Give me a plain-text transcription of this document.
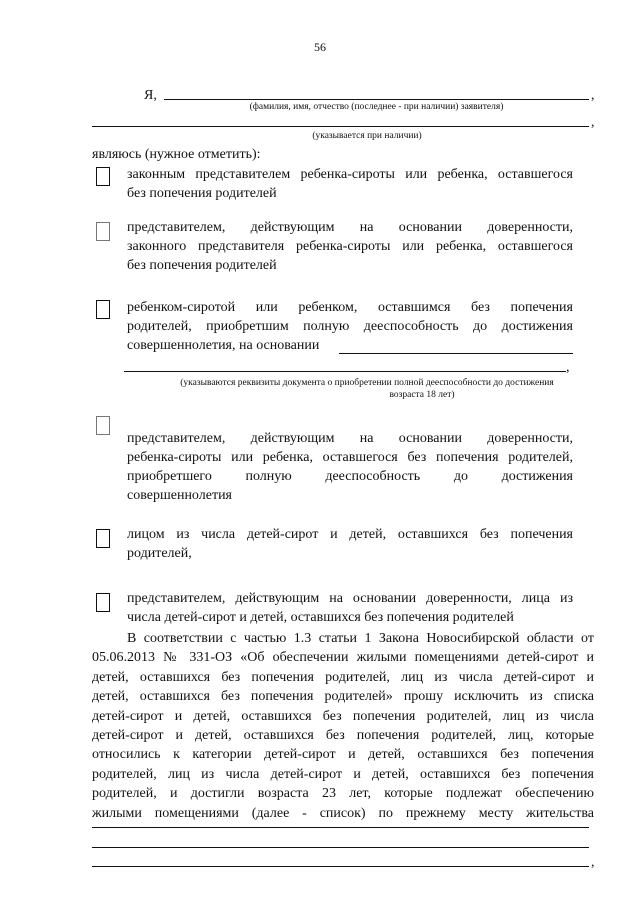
56
Я,	,
(фамилия, имя, отчество (последнее - при наличии) заявителя)
,
(указывается при наличии)
являюсь (нужное отметить):
законным представителем ребенка-сироты или ребенка, оставшегося
без попечения родителей
представителем, действующим на основании доверенности,
законного представителя ребенка-сироты или ребенка, оставшегося
без попечения родителей
ребенком-сиротой или ребенком, оставшимся без попечения
родителей, приобретшим полную дееспособность до достижения
совершеннолетия, на основании
,
(указываются реквизиты документа о приобретении полной дееспособности до достижения
возраста 18 лет)
представителем, действующим на основании доверенности,
ребенка-сироты или ребенка, оставшегося без попечения родителей,
приобретшего полную дееспособность до достижения
совершеннолетия
лицом из числа детей-сирот и детей, оставшихся без попечения
родителей,
представителем, действующим на основании доверенности, лица из
числа детей-сирот и детей, оставшихся без попечения родителей
В соответствии с частью 1.3 статьи 1 Закона Новосибирской области от
05.06.2013 № 331-ОЗ «Об обеспечении жилыми помещениями детей-сирот и
детей, оставшихся без попечения родителей, лиц из числа детей-сирот и
детей, оставшихся без попечения родителей» прошу исключить из списка
детей-сирот и детей, оставшихся без попечения родителей, лиц из числа
детей-сирот и детей, оставшихся без попечения родителей, лиц, которые
относились к категории детей-сирот и детей, оставшихся без попечения
родителей, лиц из числа детей-сирот и детей, оставшихся без попечения
родителей, и достигли возраста 23 лет, которые подлежат обеспечению
жилыми помещениями (далее - список) по прежнему месту жительства
,
